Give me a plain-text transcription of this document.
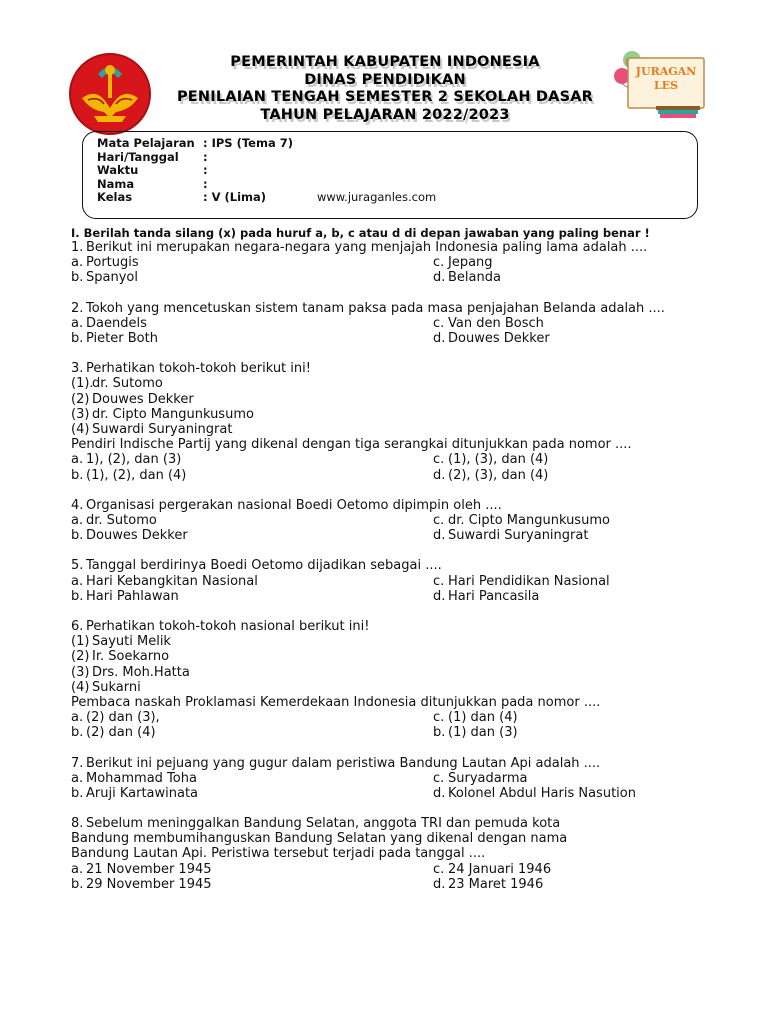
PEMERINTAH KABUPATEN INDONESIA
DINAS PENDIDIKAN
PENILAIAN TENGAH SEMESTER 2 SEKOLAH DASAR
TAHUN PELAJARAN 2022/2023
JURAGAN
LES
Mata Pelajaran : IPS (Tema 7)
Hari/Tanggal :
Waktu	:
Nama	:
Kelas	: V (Lima)	www.juraganles.com
I. Berilah tanda silang (x) pada huruf a, b, c atau d di depan jawaban yang paling benar !
1. Berikut ini merupakan negara-negara yang menjajah Indonesia paling lama adalah ....
a. Portugis	c. Jepang
b. Spanyol	d. Belanda
2. Tokoh yang mencetuskan sistem tanam paksa pada masa penjajahan Belanda adalah ....
a. Daendels	c. Van den Bosch
b. Pieter Both	d. Douwes Dekker
3. Perhatikan tokoh-tokoh berikut ini!
(1).dr. Sutomo
(2) Douwes Dekker
(3) dr. Cipto Mangunkusumo
(4) Suwardi Suryaningrat
Pendiri Indische Partij yang dikenal dengan tiga serangkai ditunjukkan pada nomor ....
a. 1), (2), dan (3)	c. (1), (3), dan (4)
b. (1), (2), dan (4)	d. (2), (3), dan (4)
4. Organisasi pergerakan nasional Boedi Oetomo dipimpin oleh ....
a. dr. Sutomo	c. dr. Cipto Mangunkusumo
b. Douwes Dekker	d. Suwardi Suryaningrat
5. Tanggal berdirinya Boedi Oetomo dijadikan sebagai ....
a. Hari Kebangkitan Nasional	c. Hari Pendidikan Nasional
b. Hari Pahlawan	d. Hari Pancasila
6. Perhatikan tokoh-tokoh nasional berikut ini!
(1) Sayuti Melik
(2) Ir. Soekarno
(3) Drs. Moh.Hatta
(4) Sukarni
Pembaca naskah Proklamasi Kemerdekaan Indonesia ditunjukkan pada nomor ....
a. (2) dan (3),	c. (1) dan (4)
b. (2) dan (4)	b. (1) dan (3)
7. Berikut ini pejuang yang gugur dalam peristiwa Bandung Lautan Api adalah ....
a. Mohammad Toha	c. Suryadarma
b. Aruji Kartawinata	d. Kolonel Abdul Haris Nasution
8. Sebelum meninggalkan Bandung Selatan, anggota TRI dan pemuda kota
Bandung membumihanguskan Bandung Selatan yang dikenal dengan nama
Bandung Lautan Api. Peristiwa tersebut terjadi pada tanggal ....
a. 21 November 1945	c. 24 Januari 1946
b. 29 November 1945	d. 23 Maret 1946
